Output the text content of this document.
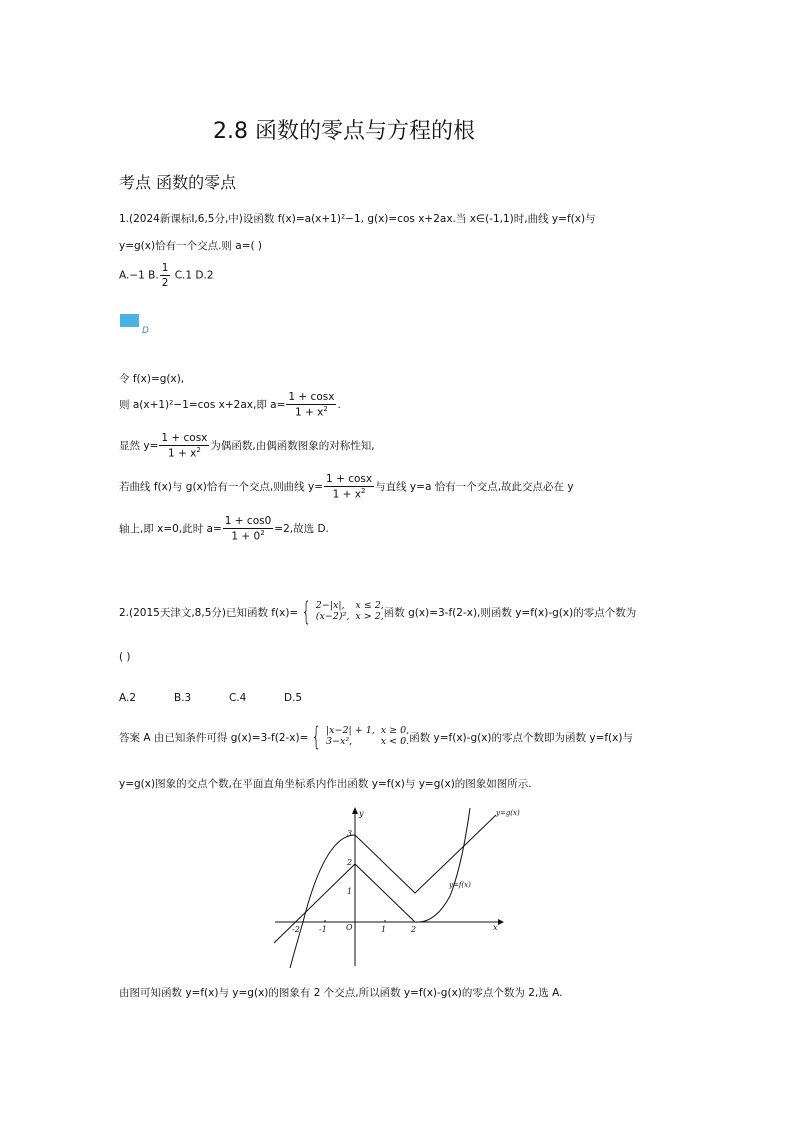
2.8 函数的零点与方程的根
考点 函数的零点
1.(2024新课标Ⅰ,6,5分,中)设函数 f(x)=a(x+1)²−1, g(x)=cos x+2ax.当 x∈(-1,1)时,曲线 y=f(x)与
y=g(x)恰有一个交点.则 a=( )
A.−1 B. $\frac{1}{2} C.1$ D.2
D
令 f(x)=g(x),
则 a(x+1)²−1=cos x+2ax,即 $a= \frac{1 + \cos x}{1 + x^2}$ .
显然 $y= \frac{1 + \cos x}{1 + x^2}$ 为偶函数,由偶函数图象的对称性知,
若曲线 f(x)与 g(x)恰有一个交点,则曲线 $y= \frac{1 + \cos x}{1 + x^2}$ 与直线 y=a 恰有一个交点,故此交点必在 y
轴上,即 x=0,此时 $a= \frac{1 + \cos 0}{1 + 0^2} =2$,故选 D.
2.(2015天津文,8,5分)已知函数 f(x)= { 2−|x|, x ≤ 2,
(x−2)², x > 2, 函数 g(x)=3-f(2-x),则函数 y=f(x)-g(x)的零点个数为
( )
A.2	B.3	C.4	D.5
答案 A 由已知条件可得 g(x)=3-f(2-x)= { |x−2| + 1, x ≥ 0,
3−x²,	x < 0. 函数 y=f(x)-g(x)的零点个数即为函数 y=f(x)与
y=g(x)图象的交点个数,在平面直角坐标系内作出函数 y=f(x)与 y=g(x)的图象如图所示.
y
x
O
-2 -1	1	2
1
2
3
y=g(x)
y=f(x)
由图可知函数 y=f(x)与 y=g(x)的图象有 2 个交点,所以函数 y=f(x)-g(x)的零点个数为 2,选 A.
